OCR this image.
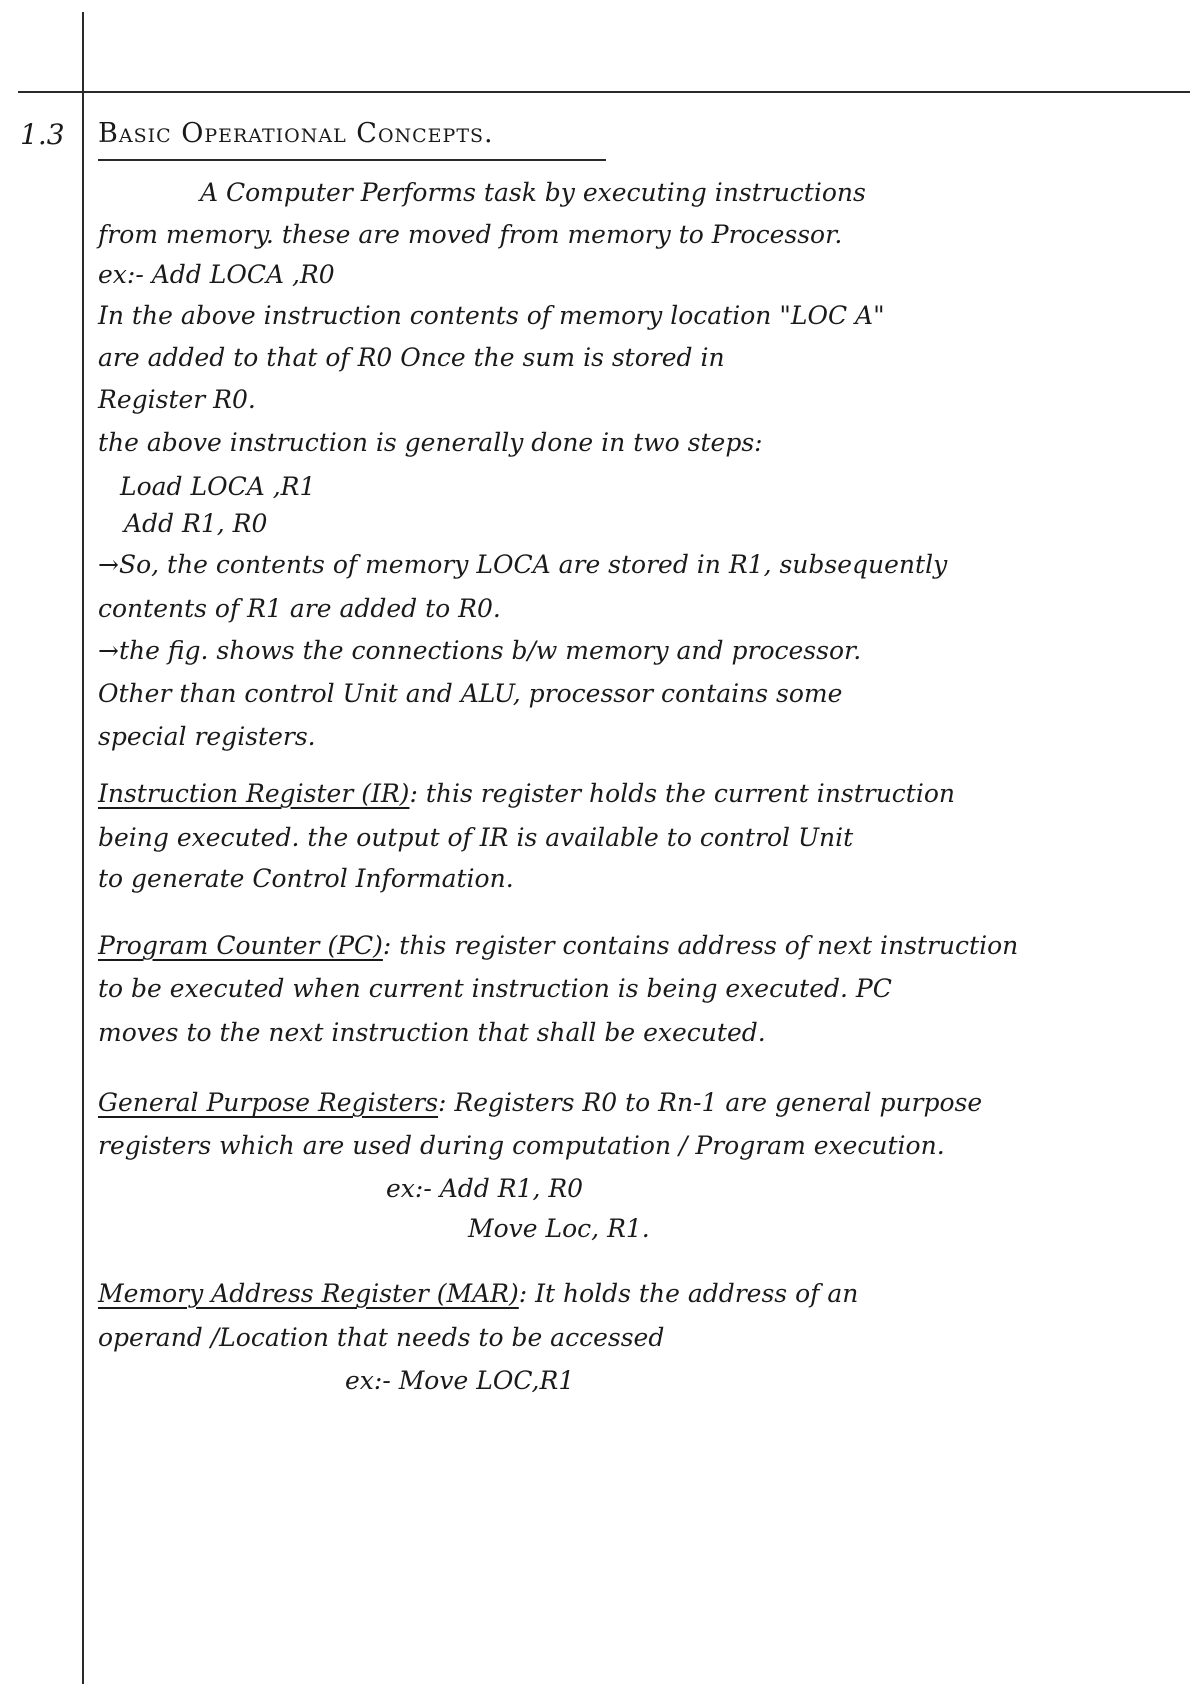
1.3 Basic Operational Concepts.
A Computer Performs task by executing instructions
from memory. these are moved from memory to Processor.
ex:- Add LOCA ,R0
In the above instruction contents of memory location "LOC A"
are added to that of R0 Once the sum is stored in
Register R0.
the above instruction is generally done in two steps:
Load LOCA ,R1
Add R1, R0
→So, the contents of memory LOCA are stored in R1, subsequently
contents of R1 are added to R0.
→the fig. shows the connections b/w memory and processor.
Other than control Unit and ALU, processor contains some
special registers.
Instruction Register (IR): this register holds the current instruction
being executed. the output of IR is available to control Unit
to generate Control Information.
Program Counter (PC): this register contains address of next instruction
to be executed when current instruction is being executed. PC
moves to the next instruction that shall be executed.
General Purpose Registers: Registers R0 to Rn-1 are general purpose
registers which are used during computation / Program execution.
ex:- Add R1, R0
Move Loc, R1.
Memory Address Register (MAR): It holds the address of an
operand /Location that needs to be accessed
ex:- Move LOC,R1
